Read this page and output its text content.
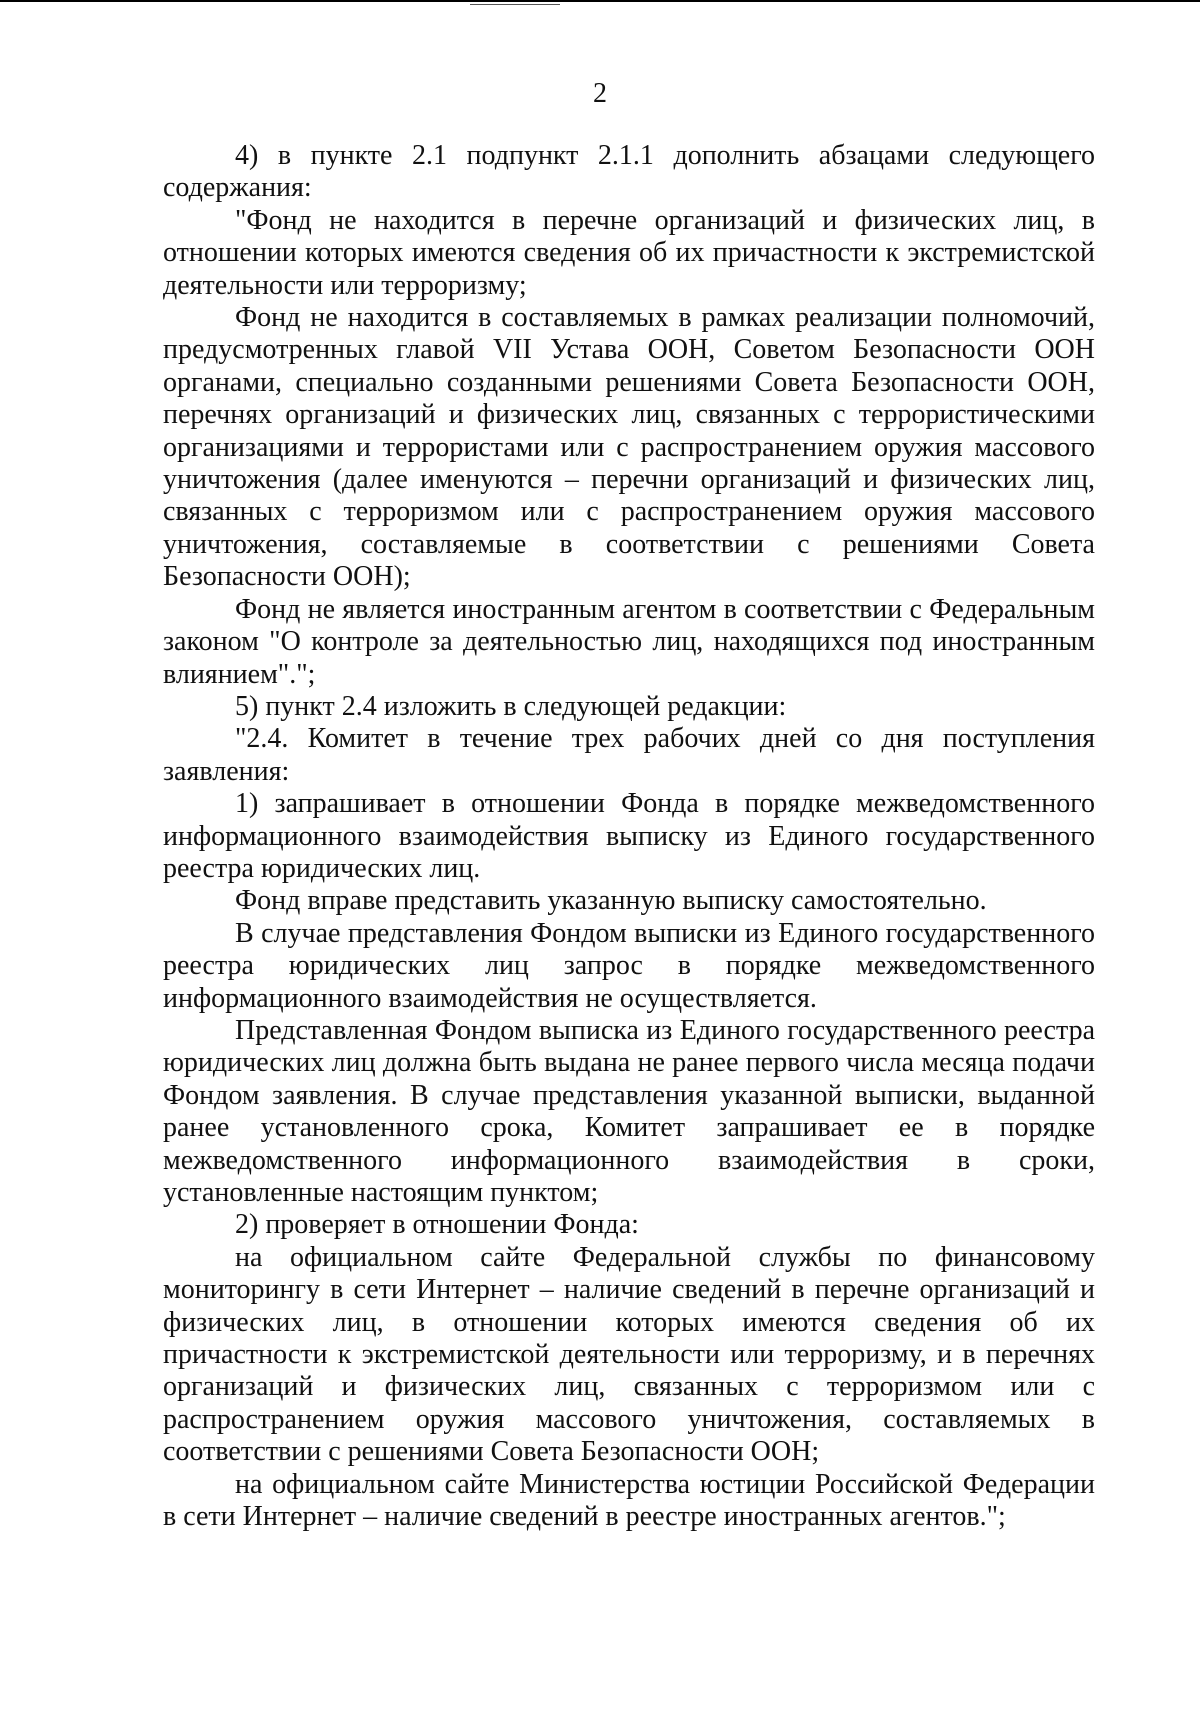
2

4) в пункте 2.1 подпункт 2.1.1 дополнить абзацами следующего содержания:

"Фонд не находится в перечне организаций и физических лиц, в отношении которых имеются сведения об их причастности к экстремистской деятельности или терроризму;

Фонд не находится в составляемых в рамках реализации полномочий, предусмотренных главой VII Устава ООН, Советом Безопасности ООН органами, специально созданными решениями Совета Безопасности ООН, перечнях организаций и физических лиц, связанных с террористическими организациями и террористами или с распространением оружия массового уничтожения (далее именуются – перечни организаций и физических лиц, связанных с терроризмом или с распространением оружия массового уничтожения, составляемые в соответствии с решениями Совета Безопасности ООН);

Фонд не является иностранным агентом в соответствии с Федеральным законом "О контроле за деятельностью лиц, находящихся под иностранным влиянием".";

5) пункт 2.4 изложить в следующей редакции:

"2.4. Комитет в течение трех рабочих дней со дня поступления заявления:

1) запрашивает в отношении Фонда в порядке межведомственного информационного взаимодействия выписку из Единого государственного реестра юридических лиц.

Фонд вправе представить указанную выписку самостоятельно.

В случае представления Фондом выписки из Единого государственного реестра юридических лиц запрос в порядке межведомственного информационного взаимодействия не осуществляется.

Представленная Фондом выписка из Единого государственного реестра юридических лиц должна быть выдана не ранее первого числа месяца подачи Фондом заявления. В случае представления указанной выписки, выданной ранее установленного срока, Комитет запрашивает ее в порядке межведомственного информационного взаимодействия в сроки, установленные настоящим пунктом;

2) проверяет в отношении Фонда:

на официальном сайте Федеральной службы по финансовому мониторингу в сети Интернет – наличие сведений в перечне организаций и физических лиц, в отношении которых имеются сведения об их причастности к экстремистской деятельности или терроризму, и в перечнях организаций и физических лиц, связанных с терроризмом или с распространением оружия массового уничтожения, составляемых в соответствии с решениями Совета Безопасности ООН;

на официальном сайте Министерства юстиции Российской Федерации в сети Интернет – наличие сведений в реестре иностранных агентов.";
